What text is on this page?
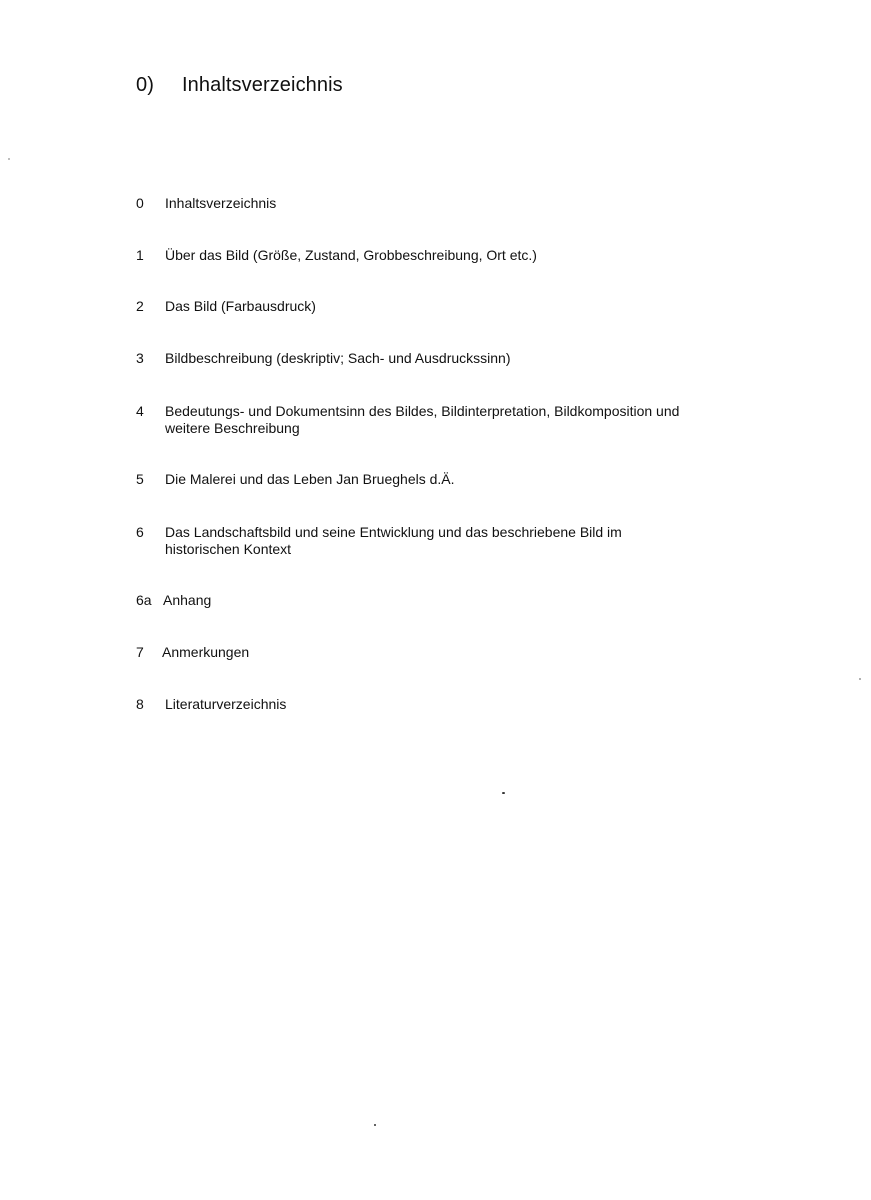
0) Inhaltsverzeichnis
0 Inhaltsverzeichnis
1 Über das Bild (Größe, Zustand, Grobbeschreibung, Ort etc.)
2 Das Bild (Farbausdruck)
3 Bildbeschreibung (deskriptiv; Sach- und Ausdruckssinn)
4 Bedeutungs- und Dokumentsinn des Bildes, Bildinterpretation, Bildkomposition und weitere Beschreibung
5 Die Malerei und das Leben Jan Brueghels d.Ä.
6 Das Landschaftsbild und seine Entwicklung und das beschriebene Bild im historischen Kontext
6a Anhang
7 Anmerkungen
8 Literaturverzeichnis
